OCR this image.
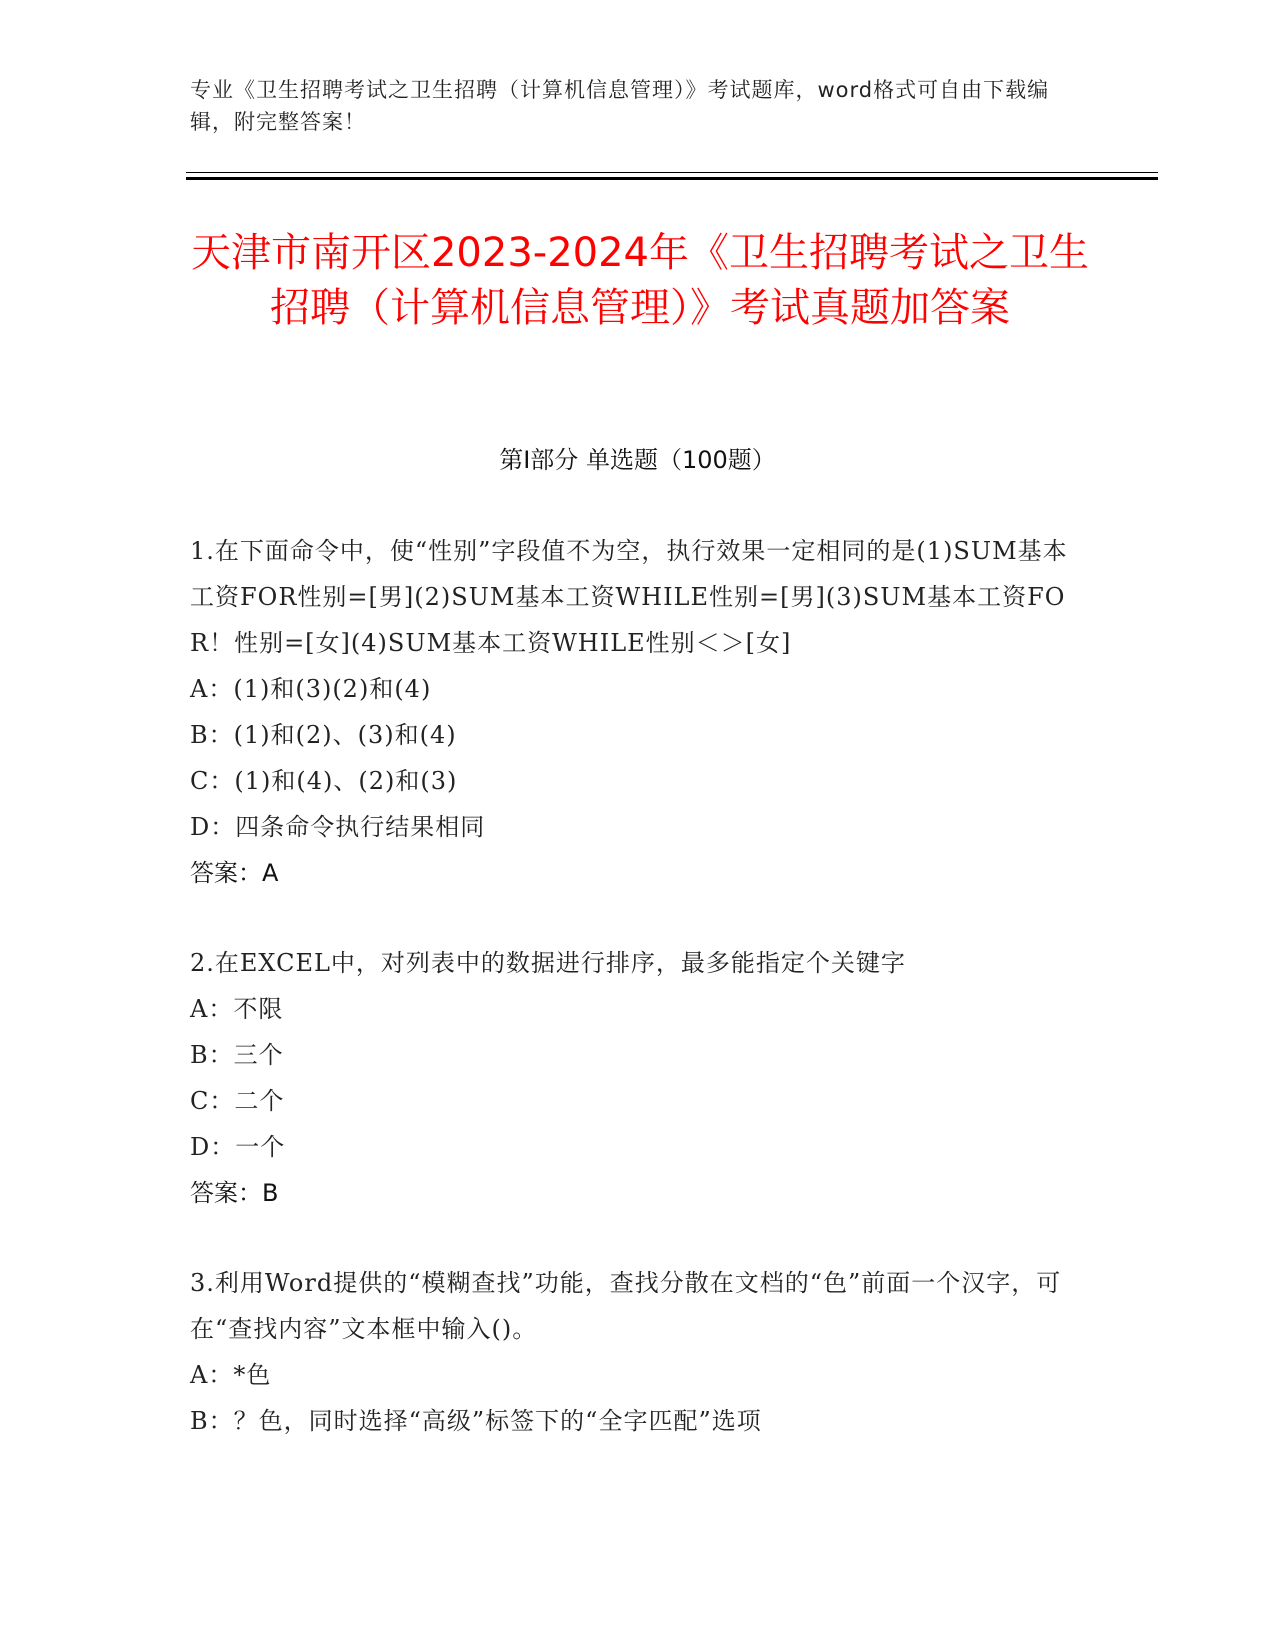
专业《卫生招聘考试之卫生招聘（计算机信息管理）》考试题库，word格式可自由下载编辑，附完整答案！
天津市南开区2023-2024年《卫生招聘考试之卫生招聘（计算机信息管理）》考试真题加答案
第Ⅰ部分 单选题（100题）
1.在下面命令中，使“性别”字段值不为空，执行效果一定相同的是(1)SUM基本工资FOR性别=[男](2)SUM基本工资WHILE性别=[男](3)SUM基本工资FOR！性别=[女](4)SUM基本工资WHILE性别＜＞[女]
A：(1)和(3)(2)和(4)
B：(1)和(2)、(3)和(4)
C：(1)和(4)、(2)和(3)
D：四条命令执行结果相同
答案：A
2.在EXCEL中，对列表中的数据进行排序，最多能指定个关键字
A：不限
B：三个
C：二个
D：一个
答案：B
3.利用Word提供的“模糊查找”功能，查找分散在文档的“色”前面一个汉字，可在“查找内容”文本框中输入()。
A：*色
B：？色，同时选择“高级”标签下的“全字匹配”选项
